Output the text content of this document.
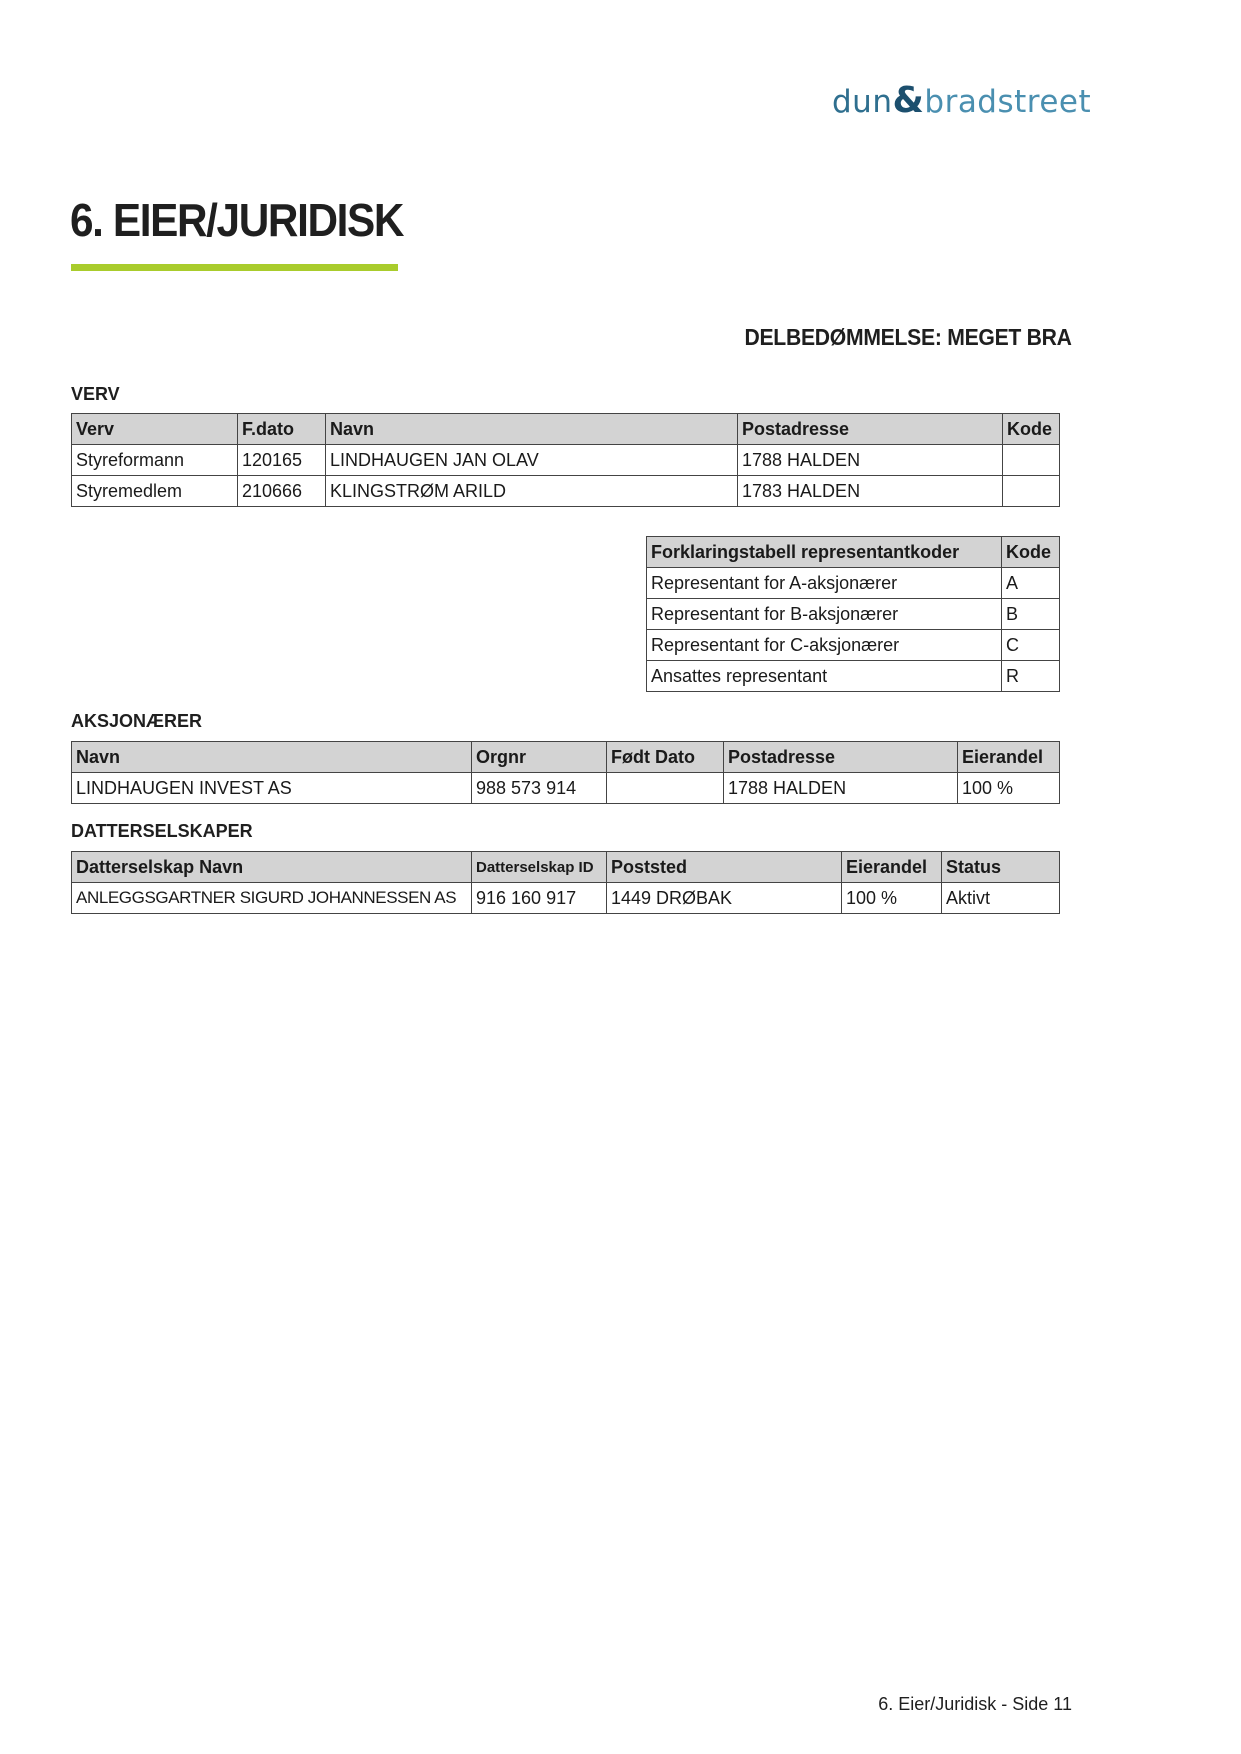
dun&bradstreet
6. EIER/JURIDISK
DELBEDØMMELSE: MEGET BRA
VERV
Verv	F.dato	Navn	Postadresse	Kode
Styreformann	120165	LINDHAUGEN JAN OLAV	1788 HALDEN	
Styremedlem	210666	KLINGSTRØM ARILD	1783 HALDEN	
Forklaringstabell representantkoder	Kode
Representant for A-aksjonærer	A
Representant for B-aksjonærer	B
Representant for C-aksjonærer	C
Ansattes representant	R
AKSJONÆRER
Navn	Orgnr	Født Dato	Postadresse	Eierandel
LINDHAUGEN INVEST AS	988 573 914		1788 HALDEN	100 %
DATTERSELSKAPER
Datterselskap Navn	Datterselskap ID	Poststed	Eierandel	Status
ANLEGGSGARTNER SIGURD JOHANNESSEN AS	916 160 917	1449 DRØBAK	100 %	Aktivt
6. Eier/Juridisk - Side 11
